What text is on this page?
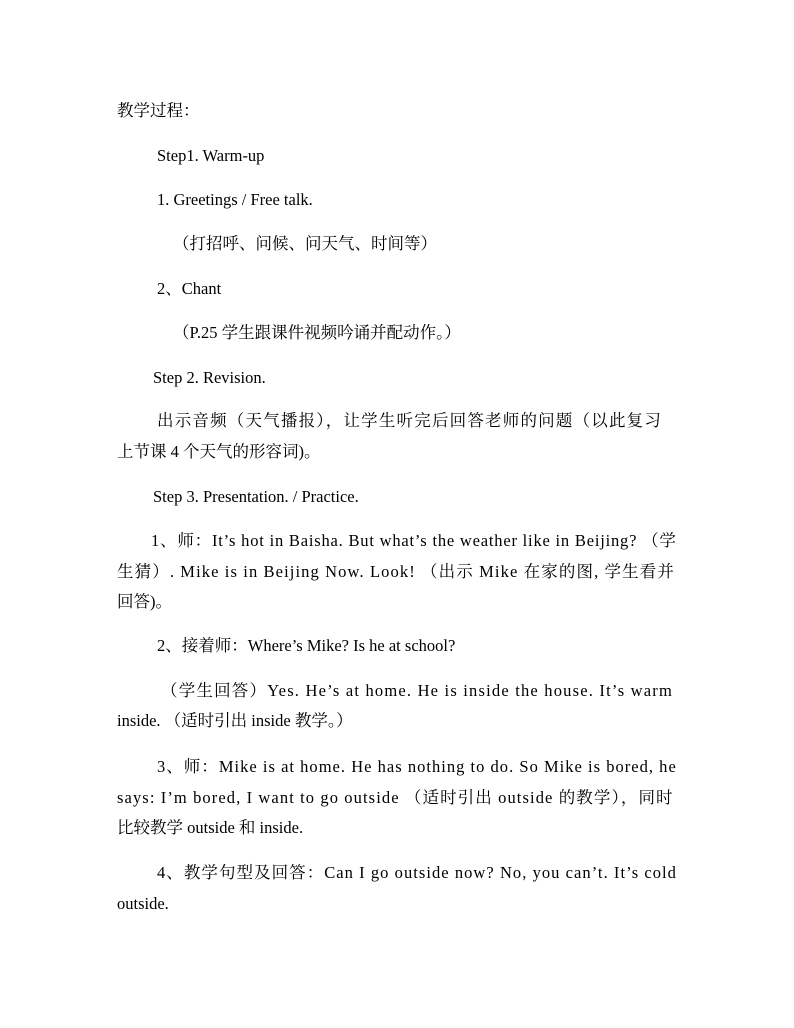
教学过程：
Step1. Warm-up
1. Greetings / Free talk.
（打招呼、问候、问天气、时间等）
2、Chant
（P.25 学生跟课件视频吟诵并配动作。）
Step 2. Revision.
出示音频（天气播报），让学生听完后回答老师的问题（以此复习
上节课 4 个天气的形容词)。
Step 3. Presentation. / Practice.
1、师：It’s hot in Baisha. But what’s the weather like in Beijing? （学
生猜）. Mike is in Beijing Now. Look! （出示 Mike 在家的图, 学生看并
回答)。
2、接着师：Where’s Mike? Is he at school?
（学生回答）Yes. He’s at home. He is inside the house. It’s warm
inside. （适时引出 inside 教学。）
3、师：Mike is at home. He has nothing to do. So Mike is bored, he
says: I’m bored, I want to go outside （适时引出 outside 的教学），同时
比较教学 outside 和 inside.
4、教学句型及回答：Can I go outside now? No, you can’t. It’s cold
outside.
